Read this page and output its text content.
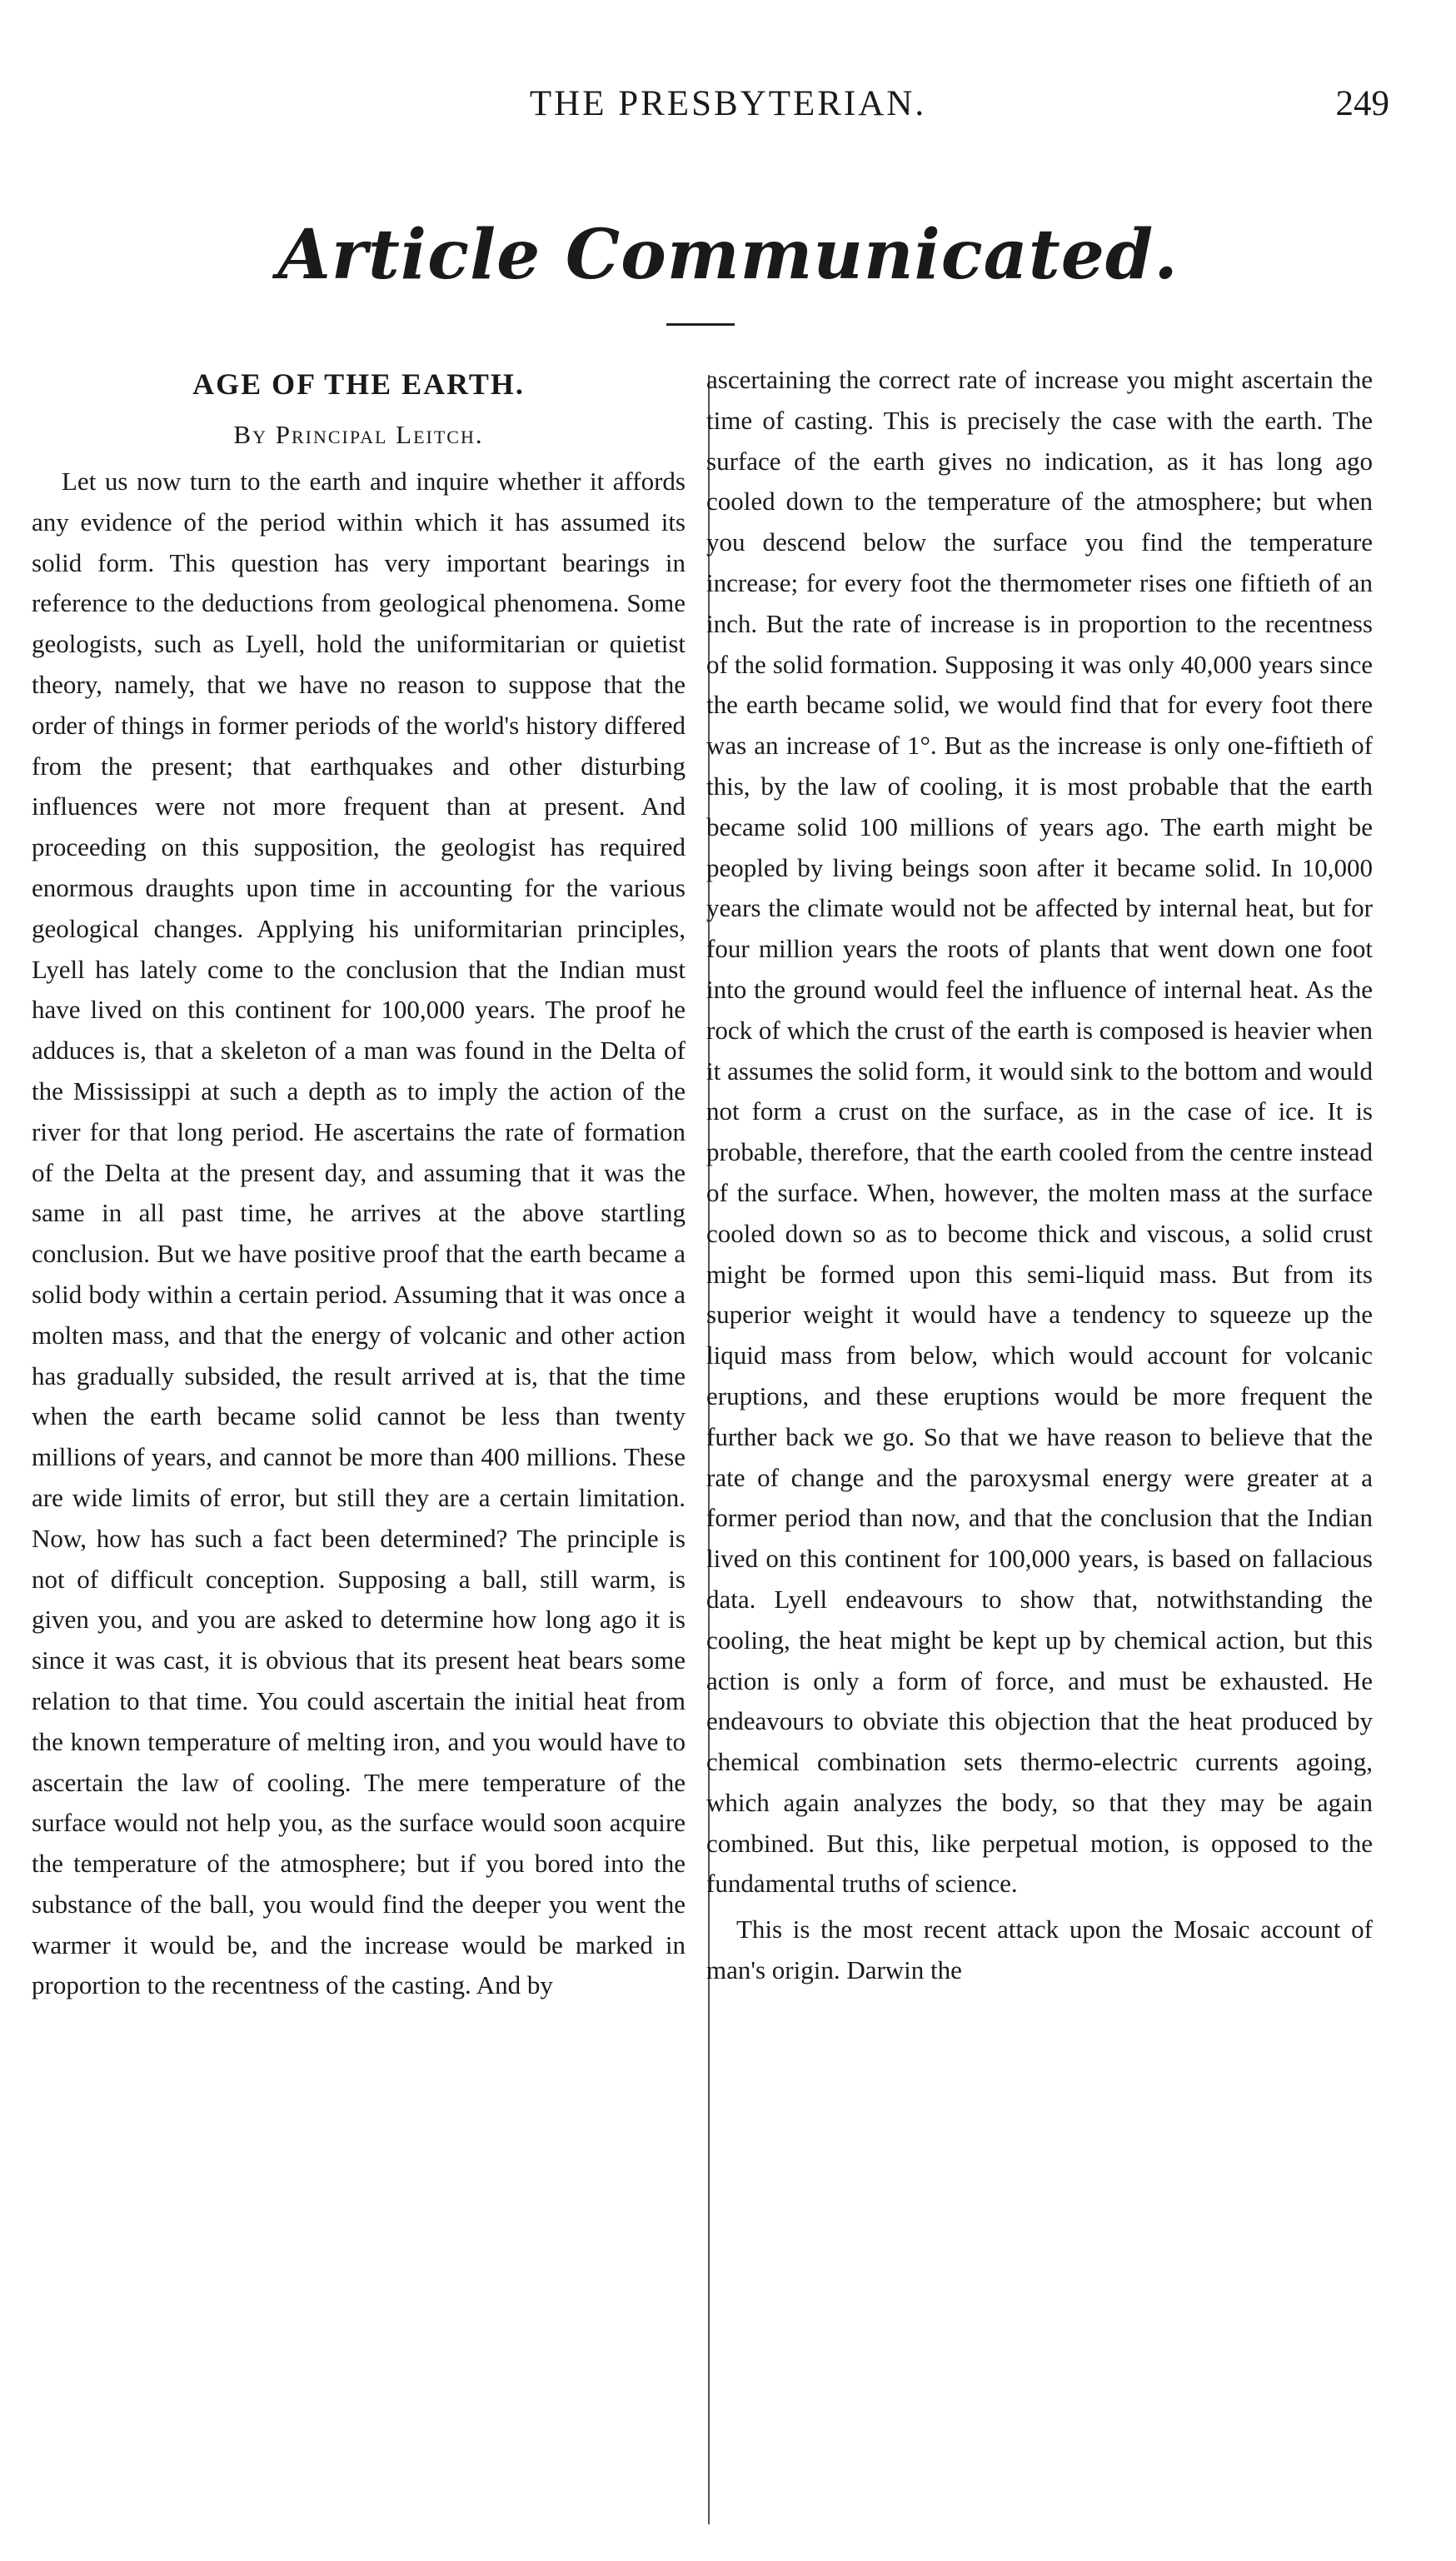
THE PRESBYTERIAN.	249
Article Communicated.
AGE OF THE EARTH.
By Principal Leitch.

Let us now turn to the earth and inquire whether it affords any evidence of the period within which it has assumed its solid form. This question has very important bearings in reference to the deductions from geological phenomena. Some geologists, such as Lyell, hold the uniformitarian or quietist theory, namely, that we have no reason to suppose that the order of things in former periods of the world's history differed from the present; that earthquakes and other disturbing influences were not more frequent than at present. And proceeding on this supposition, the geologist has required enormous draughts upon time in accounting for the various geological changes. Applying his uniformitarian principles, Lyell has lately come to the conclusion that the Indian must have lived on this continent for 100,000 years. The proof he adduces is, that a skeleton of a man was found in the Delta of the Mississippi at such a depth as to imply the action of the river for that long period. He ascertains the rate of formation of the Delta at the present day, and assuming that it was the same in all past time, he arrives at the above startling conclusion. But we have positive proof that the earth became a solid body within a certain period. Assuming that it was once a molten mass, and that the energy of volcanic and other action has gradually subsided, the result arrived at is, that the time when the earth became solid cannot be less than twenty millions of years, and cannot be more than 400 millions. These are wide limits of error, but still they are a certain limitation. Now, how has such a fact been determined? The principle is not of difficult conception. Supposing a ball, still warm, is given you, and you are asked to determine how long ago it is since it was cast, it is obvious that its present heat bears some relation to that time. You could ascertain the initial heat from the known temperature of melting iron, and you would have to ascertain the law of cooling. The mere temperature of the surface would not help you, as the surface would soon acquire the temperature of the atmosphere; but if you bored into the substance of the ball, you would find the deeper you went the warmer it would be, and the increase would be marked in proportion to the recentness of the casting. And by

ascertaining the correct rate of increase you might ascertain the time of casting. This is precisely the case with the earth. The surface of the earth gives no indication, as it has long ago cooled down to the temperature of the atmosphere; but when you descend below the surface you find the temperature increase; for every foot the thermometer rises one fiftieth of an inch. But the rate of increase is in proportion to the recentness of the solid formation. Supposing it was only 40,000 years since the earth became solid, we would find that for every foot there was an increase of 1°. But as the increase is only one-fiftieth of this, by the law of cooling, it is most probable that the earth became solid 100 millions of years ago. The earth might be peopled by living beings soon after it became solid. In 10,000 years the climate would not be affected by internal heat, but for four million years the roots of plants that went down one foot into the ground would feel the influence of internal heat. As the rock of which the crust of the earth is composed is heavier when it assumes the solid form, it would sink to the bottom and would not form a crust on the surface, as in the case of ice. It is probable, therefore, that the earth cooled from the centre instead of the surface. When, however, the molten mass at the surface cooled down so as to become thick and viscous, a solid crust might be formed upon this semi-liquid mass. But from its superior weight it would have a tendency to squeeze up the liquid mass from below, which would account for volcanic eruptions, and these eruptions would be more frequent the further back we go. So that we have reason to believe that the rate of change and the paroxysmal energy were greater at a former period than now, and that the conclusion that the Indian lived on this continent for 100,000 years, is based on fallacious data. Lyell endeavours to show that, notwithstanding the cooling, the heat might be kept up by chemical action, but this action is only a form of force, and must be exhausted. He endeavours to obviate this objection that the heat produced by chemical combination sets thermo-electric currents agoing, which again analyzes the body, so that they may be again combined. But this, like perpetual motion, is opposed to the fundamental truths of science.

This is the most recent attack upon the Mosaic account of man's origin. Darwin the
